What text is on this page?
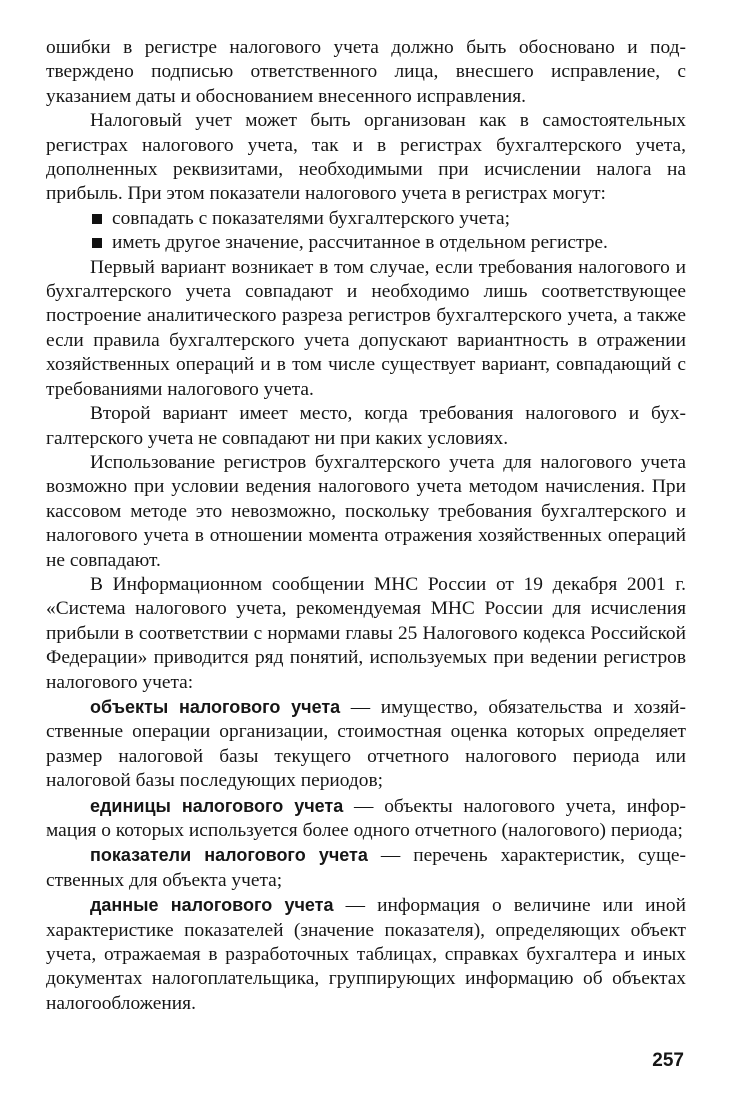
ошибки в регистре налогового учета должно быть обосновано и подтверждено подписью ответственного лица, внесшего исправление, с указанием даты и обоснованием внесенного исправления.

Налоговый учет может быть организован как в самостоятельных регистрах налогового учета, так и в регистрах бухгалтерского учета, дополненных реквизитами, необходимыми при исчислении налога на прибыль. При этом показатели налогового учета в регистрах могут:

совпадать с показателями бухгалтерского учета;
иметь другое значение, рассчитанное в отдельном регистре.

Первый вариант возникает в том случае, если требования налогового и бухгалтерского учета совпадают и необходимо лишь соответствующее построение аналитического разреза регистров бухгалтерского учета, а также если правила бухгалтерского учета допускают вариантность в отражении хозяйственных операций и в том числе существует вариант, совпадающий с требованиями налогового учета.

Второй вариант имеет место, когда требования налогового и бухгалтерского учета не совпадают ни при каких условиях.

Использование регистров бухгалтерского учета для налогового учета возможно при условии ведения налогового учета методом начисления. При кассовом методе это невозможно, поскольку требования бухгалтерского и налогового учета в отношении момента отражения хозяйственных операций не совпадают.

В Информационном сообщении МНС России от 19 декабря 2001 г. «Система налогового учета, рекомендуемая МНС России для исчисления прибыли в соответствии с нормами главы 25 Налогового кодекса Российской Федерации» приводится ряд понятий, используемых при ведении регистров налогового учета:

объекты налогового учета — имущество, обязательства и хозяйственные операции организации, стоимостная оценка которых определяет размер налоговой базы текущего отчетного налогового периода или налоговой базы последующих периодов;

единицы налогового учета — объекты налогового учета, информация о которых используется более одного отчетного (налогового) периода;

показатели налогового учета — перечень характеристик, существенных для объекта учета;

данные налогового учета — информация о величине или иной характеристике показателей (значение показателя), определяющих объект учета, отражаемая в разработочных таблицах, справках бухгалтера и иных документах налогоплательщика, группирующих информацию об объектах налогообложения.

257
